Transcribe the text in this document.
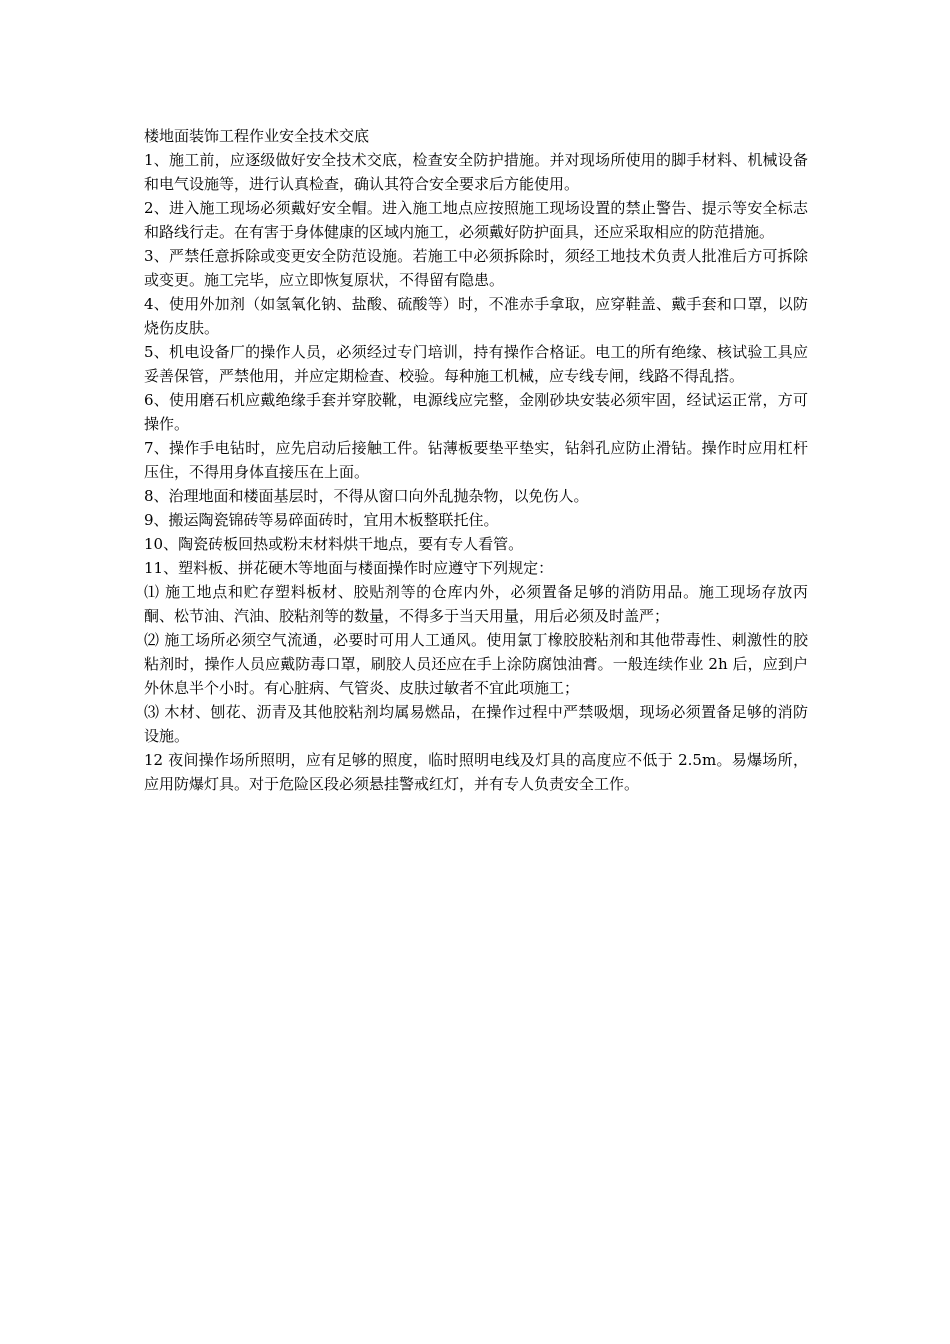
楼地面装饰工程作业安全技术交底

1、施工前，应逐级做好安全技术交底，检查安全防护措施。并对现场所使用的脚手材料、机械设备和电气设施等，进行认真检查，确认其符合安全要求后方能使用。

2、进入施工现场必须戴好安全帽。进入施工地点应按照施工现场设置的禁止警告、提示等安全标志和路线行走。在有害于身体健康的区域内施工，必须戴好防护面具，还应采取相应的防范措施。

3、严禁任意拆除或变更安全防范设施。若施工中必须拆除时，须经工地技术负责人批准后方可拆除或变更。施工完毕，应立即恢复原状，不得留有隐患。

4、使用外加剂（如氢氧化钠、盐酸、硫酸等）时，不准赤手拿取，应穿鞋盖、戴手套和口罩，以防烧伤皮肤。

5、机电设备厂的操作人员，必须经过专门培训，持有操作合格证。电工的所有绝缘、核试验工具应妥善保管，严禁他用，并应定期检查、校验。每种施工机械，应专线专闸，线路不得乱搭。

6、使用磨石机应戴绝缘手套并穿胶靴，电源线应完整，金刚砂块安装必须牢固，经试运正常，方可操作。

7、操作手电钻时，应先启动后接触工件。钻薄板要垫平垫实，钻斜孔应防止滑钻。操作时应用杠杆压住，不得用身体直接压在上面。

8、治理地面和楼面基层时，不得从窗口向外乱抛杂物，以免伤人。

9、搬运陶瓷锦砖等易碎面砖时，宜用木板整联托住。

10、陶瓷砖板回热或粉末材料烘干地点，要有专人看管。

11、塑料板、拼花硬木等地面与楼面操作时应遵守下列规定：

⑴ 施工地点和贮存塑料板材、胶贴剂等的仓库内外，必须置备足够的消防用品。施工现场存放丙酮、松节油、汽油、胶粘剂等的数量，不得多于当天用量，用后必须及时盖严；

⑵ 施工场所必须空气流通，必要时可用人工通风。使用氯丁橡胶胶粘剂和其他带毒性、刺激性的胶粘剂时，操作人员应戴防毒口罩，刷胶人员还应在手上涂防腐蚀油膏。一般连续作业 2h 后，应到户外休息半个小时。有心脏病、气管炎、皮肤过敏者不宜此项施工；

⑶ 木材、刨花、沥青及其他胶粘剂均属易燃品，在操作过程中严禁吸烟，现场必须置备足够的消防设施。

12 夜间操作场所照明，应有足够的照度，临时照明电线及灯具的高度应不低于 2.5m。易爆场所，应用防爆灯具。对于危险区段必须悬挂警戒红灯，并有专人负责安全工作。
